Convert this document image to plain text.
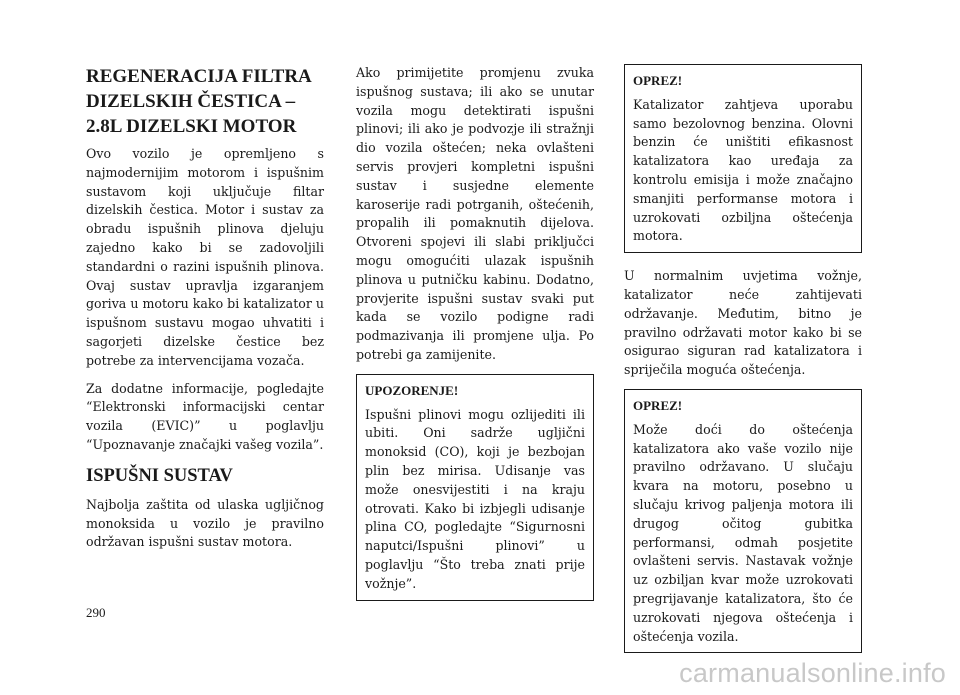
REGENERACIJA FILTRA DIZELSKIH ČESTICA – 2.8L DIZELSKI MOTOR

Ovo vozilo je opremljeno s najmodernijim motorom i ispušnim sustavom koji uključuje filtar dizelskih čestica. Motor i sustav za obradu ispušnih plinova djeluju zajedno kako bi se zadovoljili standardni o razini ispušnih plinova. Ovaj sustav upravlja izgaranjem goriva u motoru kako bi katalizator u ispušnom sustavu mogao uhvatiti i sagorjeti dizelske čestice bez potrebe za intervencijama vozača.

Za dodatne informacije, pogledajte “Elektronski informacijski centar vozila (EVIC)” u poglavlju “Upoznavanje značajki vašeg vozila”.

ISPUŠNI SUSTAV

Najbolja zaštita od ulaska ugljičnog monoksida u vozilo je pravilno održavan ispušni sustav motora.

Ako primijetite promjenu zvuka ispušnog sustava; ili ako se unutar vozila mogu detektirati ispušni plinovi; ili ako je podvozje ili stražnji dio vozila oštećen; neka ovlašteni servis provjeri kompletni ispušni sustav i susjedne elemente karoserije radi potrganih, oštećenih, propalih ili pomaknutih dijelova. Otvoreni spojevi ili slabi priključci mogu omogućiti ulazak ispušnih plinova u putničku kabinu. Dodatno, provjerite ispušni sustav svaki put kada se vozilo podigne radi podmazivanja ili promjene ulja. Po potrebi ga zamijenite.

UPOZORENJE!

Ispušni plinovi mogu ozlijediti ili ubiti. Oni sadrže ugljični monoksid (CO), koji je bezbojan plin bez mirisa. Udisanje vas može onesvijestiti i na kraju otrovati. Kako bi izbjegli udisanje plina CO, pogledajte “Sigurnosni naputci/Ispušni plinovi” u poglavlju “Što treba znati prije vožnje”.

OPREZ!

Katalizator zahtjeva uporabu samo bezolovnog benzina. Olovni benzin će uništiti efikasnost katalizatora kao uređaja za kontrolu emisija i može značajno smanjiti performanse motora i uzrokovati ozbiljna oštećenja motora.

U normalnim uvjetima vožnje, katalizator neće zahtijevati održavanje. Međutim, bitno je pravilno održavati motor kako bi se osigurao siguran rad katalizatora i spriječila moguća oštećenja.

OPREZ!

Može doći do oštećenja katalizatora ako vaše vozilo nije pravilno održavano. U slučaju kvara na motoru, posebno u slučaju krivog paljenja motora ili drugog očitog gubitka performansi, odmah posjetite ovlašteni servis. Nastavak vožnje uz ozbiljan kvar može uzrokovati pregrijavanje katalizatora, što će uzrokovati njegova oštećenja i oštećenja vozila.

290
carmanualsonline.info
